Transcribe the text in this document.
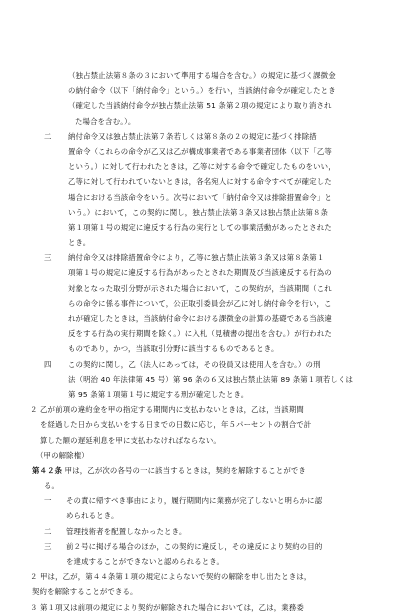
（独占禁止法第８条の３において準用する場合を含む。）の規定に基づく課徴金
の納付命令（以下「納付命令」という。）を行い，当該納付命令が確定したとき
（確定した当該納付命令が独占禁止法第 51 条第２項の規定により取り消され
た場合を含む。）。
二 納付命令又は独占禁止法第７条若しくは第８条の２の規定に基づく排除措
置命令（これらの命令が乙又は乙が構成事業者である事業者団体（以下「乙等
という。）に対して行われたときは，乙等に対する命令で確定したものをいい，
乙等に対して行われていないときは，各名宛人に対する命令すべてが確定した
場合における当該命令をいう。次号において「納付命令又は排除措置命令」と
いう。）において，この契約に関し，独占禁止法第３条又は独占禁止法第８条
第１項第１号の規定に違反する行為の実行としての事業活動があったとされた
とき。
三 納付命令又は排除措置命令により，乙等に独占禁止法第３条又は第８条第１
項第１号の規定に違反する行為があったとされた期間及び当該違反する行為の
対象となった取引分野が示された場合において，この契約が，当該期間（これ
らの命令に係る事件について，公正取引委員会が乙に対し納付命令を行い，こ
れが確定したときは，当該納付命令における課徴金の計算の基礎である当該違
反をする行為の実行期間を除く。）に入札（見積書の提出を含む。）が行われた
ものであり，かつ，当該取引分野に該当するものであるとき。
四 この契約に関し，乙（法人にあっては，その役員又は使用人を含む。）の刑
法（明治 40 年法律第 45 号）第 96 条の６又は独占禁止法第 89 条第１項若しくは
第 95 条第１項第１号に規定する刑が確定したとき。
２ 乙が前項の違約金を甲の指定する期間内に支払わないときは，乙は，当該期間
を経過した日から支払いをする日までの日数に応じ，年５パーセントの割合で計
算した額の遅延利息を甲に支払わなければならない。
（甲の解除権）
第４２条 甲は，乙が次の各号の一に該当するときは，契約を解除することができ
る。
一 その責に帰すべき事由により，履行期間内に業務が完了しないと明らかに認
められるとき。
二 管理技術者を配置しなかったとき。
三 前２号に掲げる場合のほか，この契約に違反し，その違反により契約の目的
を達成することができないと認められるとき。
２ 甲は，乙が，第４４条第１項の規定によらないで契約の解除を申し出たときは，
契約を解除することができる。
３ 第１項又は前項の規定により契約が解除された場合においては，乙は，業務委
